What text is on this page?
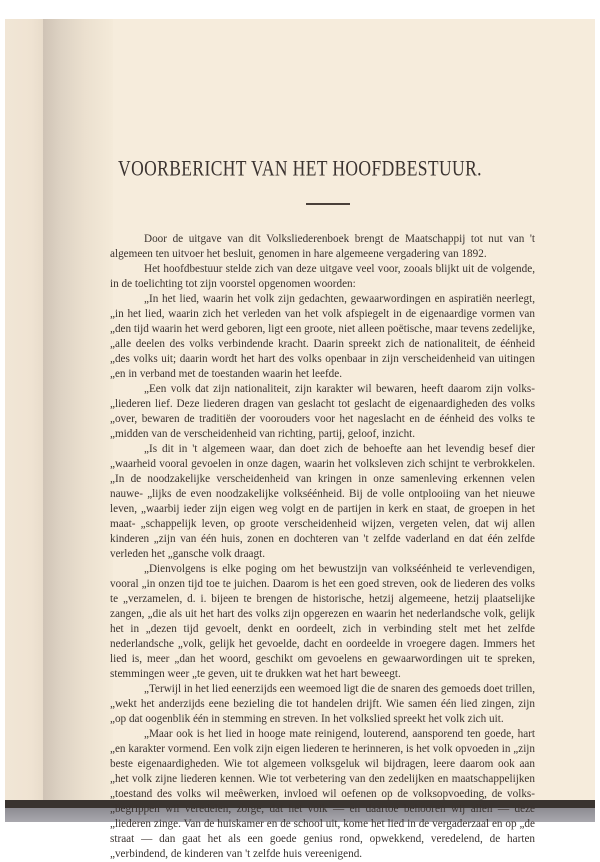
VOORBERICHT VAN HET HOOFDBESTUUR.

Door de uitgave van dit Volksliederenboek brengt de Maatschappij tot nut van 't algemeen ten uitvoer het besluit, genomen in hare algemeene vergadering van 1892.

Het hoofdbestuur stelde zich van deze uitgave veel voor, zooals blijkt uit de volgende, in de toelichting tot zijn voorstel opgenomen woorden:

„In het lied, waarin het volk zijn gedachten, gewaarwordingen en aspiratiën neerlegt, „in het lied, waarin zich het verleden van het volk afspiegelt in de eigenaardige vormen van „den tijd waarin het werd geboren, ligt een groote, niet alleen poëtische, maar tevens zedelijke, „alle deelen des volks verbindende kracht. Daarin spreekt zich de nationaliteit, de éénheid „des volks uit; daarin wordt het hart des volks openbaar in zijn verscheidenheid van uitingen „en in verband met de toestanden waarin het leefde.

„Een volk dat zijn nationaliteit, zijn karakter wil bewaren, heeft daarom zijn volks- „liederen lief. Deze liederen dragen van geslacht tot geslacht de eigenaardigheden des volks „over, bewaren de traditiën der voorouders voor het nageslacht en de éénheid des volks te „midden van de verscheidenheid van richting, partij, geloof, inzicht.

„Is dit in 't algemeen waar, dan doet zich de behoefte aan het levendig besef dier „waarheid vooral gevoelen in onze dagen, waarin het volksleven zich schijnt te verbrokkelen. „In de noodzakelijke verscheidenheid van kringen in onze samenleving erkennen velen nauwe- „lijks de even noodzakelijke volkséénheid. Bij de volle ontplooiing van het nieuwe leven, „waarbij ieder zijn eigen weg volgt en de partijen in kerk en staat, de groepen in het maat- „schappelijk leven, op groote verscheidenheid wijzen, vergeten velen, dat wij allen kinderen „zijn van één huis, zonen en dochteren van 't zelfde vaderland en dat één zelfde verleden het „gansche volk draagt.

„Dienvolgens is elke poging om het bewustzijn van volkséénheid te verlevendigen, vooral „in onzen tijd toe te juichen. Daarom is het een goed streven, ook de liederen des volks te „verzamelen, d. i. bijeen te brengen de historische, hetzij algemeene, hetzij plaatselijke zangen, „die als uit het hart des volks zijn opgerezen en waarin het nederlandsche volk, gelijk het in „dezen tijd gevoelt, denkt en oordeelt, zich in verbinding stelt met het zelfde nederlandsche „volk, gelijk het gevoelde, dacht en oordeelde in vroegere dagen. Immers het lied is, meer „dan het woord, geschikt om gevoelens en gewaarwordingen uit te spreken, stemmingen weer „te geven, uit te drukken wat het hart beweegt.

„Terwijl in het lied eenerzijds een weemoed ligt die de snaren des gemoeds doet trillen, „wekt het anderzijds eene bezieling die tot handelen drijft. Wie samen één lied zingen, zijn „op dat oogenblik één in stemming en streven. In het volkslied spreekt het volk zich uit.

„Maar ook is het lied in hooge mate reinigend, louterend, aansporend ten goede, hart „en karakter vormend. Een volk zijn eigen liederen te herinneren, is het volk opvoeden in „zijn beste eigenaardigheden. Wie tot algemeen volksgeluk wil bijdragen, leere daarom ook aan „het volk zijne liederen kennen. Wie tot verbetering van den zedelijken en maatschappelijken „toestand des volks wil meêwerken, invloed wil oefenen op de volksopvoeding, de volks- „begrippen wil veredelen, zorge, dat het volk — en daartoe behooren wij allen — deze „liederen zinge. Van de huiskamer en de school uit, kome het lied in de vergaderzaal en op „de straat — dan gaat het als een goede genius rond, opwekkend, veredelend, de harten „verbindend, de kinderen van 't zelfde huis vereenigend.
